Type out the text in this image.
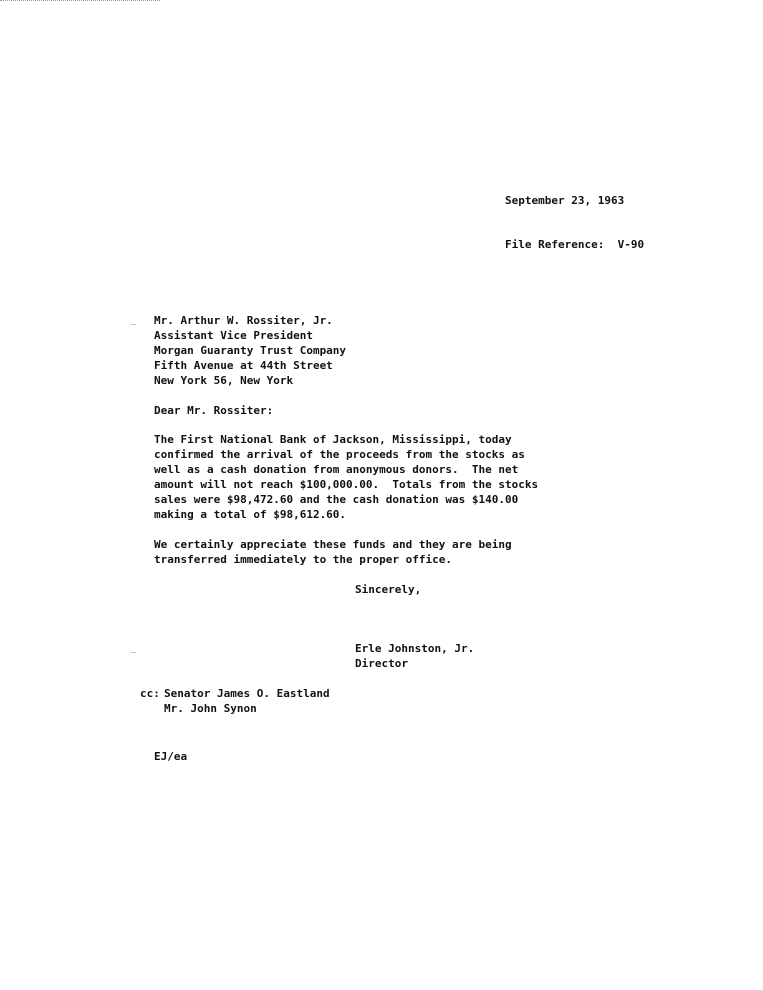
September 23, 1963
File Reference:  V-90
Mr. Arthur W. Rossiter, Jr.
Assistant Vice President
Morgan Guaranty Trust Company
Fifth Avenue at 44th Street
New York 56, New York
Dear Mr. Rossiter:
The First National Bank of Jackson, Mississippi, today
confirmed the arrival of the proceeds from the stocks as
well as a cash donation from anonymous donors.  The net
amount will not reach $100,000.00.  Totals from the stocks
sales were $98,472.60 and the cash donation was $140.00
making a total of $98,612.60.
We certainly appreciate these funds and they are being
transferred immediately to the proper office.
Sincerely,
Erle Johnston, Jr.
Director
cc: Senator James O. Eastland
Mr. John Synon
EJ/ea
